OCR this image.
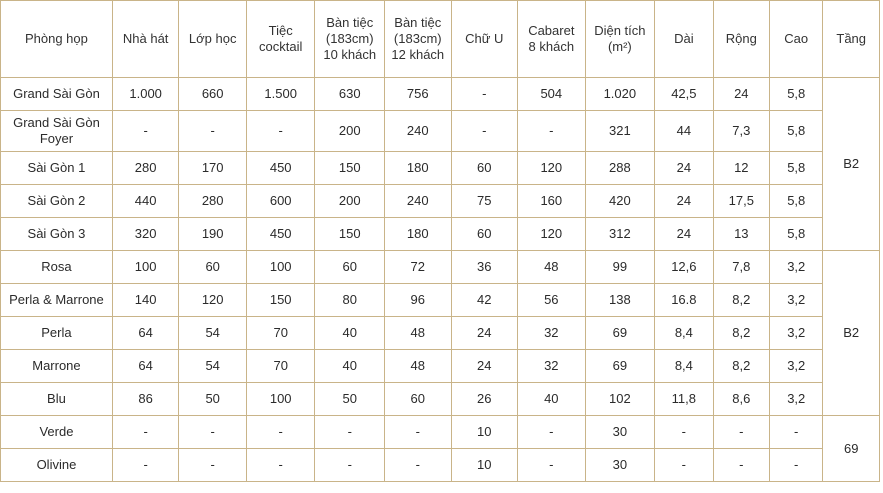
Phòng họp	Nhà hát	Lớp học	Tiệc
cocktail	Bàn tiệc
(183cm)
10 khách	Bàn tiệc
(183cm)
12 khách	Chữ U	Cabaret
8 khách	Diện tích
(m²)	Dài	Rộng	Cao	Tầng
Grand Sài Gòn	1.000	660	1.500	630	756	-	504	1.020	42,5	24	5,8	B2
Grand Sài Gòn
Foyer	-	-	-	200	240	-	-	321	44	7,3	5,8	
Sài Gòn 1	280	170	450	150	180	60	120	288	24	12	5,8	
Sài Gòn 2	440	280	600	200	240	75	160	420	24	17,5	5,8	
Sài Gòn 3	320	190	450	150	180	60	120	312	24	13	5,8	
Rosa	100	60	100	60	72	36	48	99	12,6	7,8	3,2	B2
Perla & Marrone	140	120	150	80	96	42	56	138	16.8	8,2	3,2	
Perla	64	54	70	40	48	24	32	69	8,4	8,2	3,2	
Marrone	64	54	70	40	48	24	32	69	8,4	8,2	3,2	
Blu	86	50	100	50	60	26	40	102	11,8	8,6	3,2	
Verde	-	-	-	-	-	10	-	30	-	-	-	69
Olivine	-	-	-	-	-	10	-	30	-	-	-	
